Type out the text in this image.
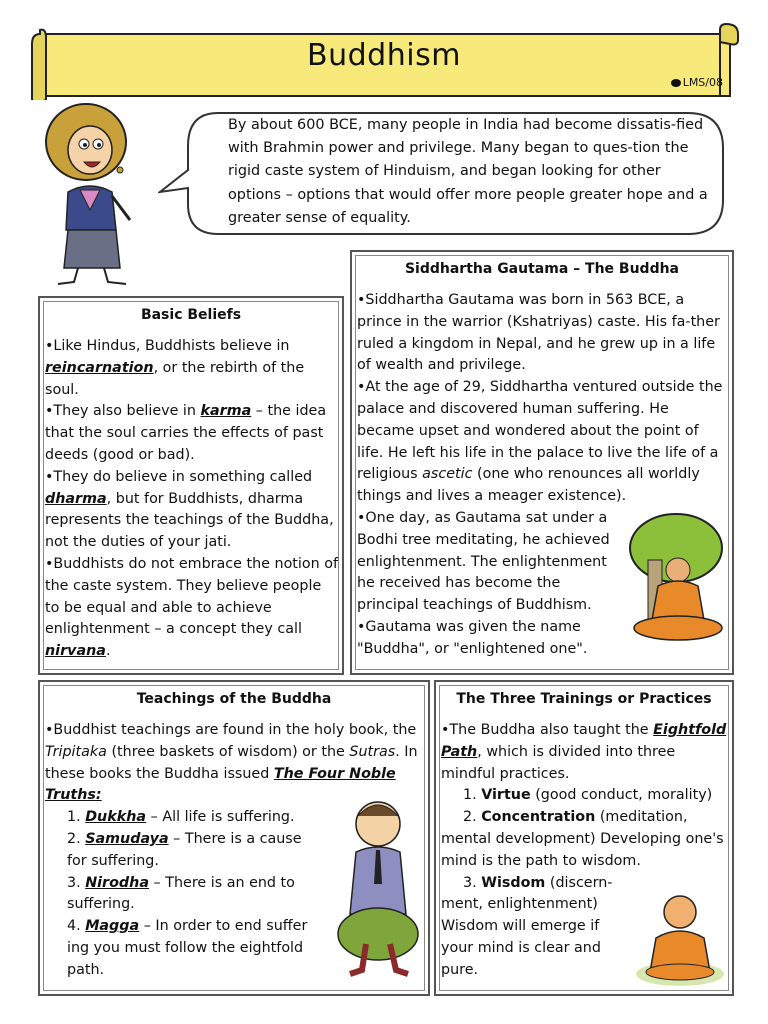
Buddhism
LMS/08
By about 600 BCE, many people in India had become dissatis-fied with Brahmin power and privilege. Many began to ques-tion the rigid caste system of Hinduism, and began looking for other options – options that would offer more people greater hope and a greater sense of equality.
Siddhartha Gautama – The Buddha

•Siddhartha Gautama was born in 563 BCE, a prince in the warrior (Kshatriyas) caste. His fa-ther ruled a kingdom in Nepal, and he grew up in a life of wealth and privilege.

•At the age of 29, Siddhartha ventured outside the palace and discovered human suffering. He became upset and wondered about the point of life. He left his life in the palace to live the life of a religious ascetic (one who renounces all worldly things and lives a meager existence).

•One day, as Gautama sat under a Bodhi tree meditating, he achieved enlightenment. The enlightenment he received has become the principal teachings of Buddhism.

•Gautama was given the name "Buddha", or "enlightened one".

Basic Beliefs

•Like Hindus, Buddhists believe in reincarnation, or the rebirth of the soul.

•They also believe in karma – the idea that the soul carries the effects of past deeds (good or bad).

•They do believe in something called dharma, but for Buddhists, dharma represents the teachings of the Buddha, not the duties of your jati.

•Buddhists do not embrace the notion of the caste system. They believe people to be equal and able to achieve enlightenment – a concept they call nirvana.

Teachings of the Buddha

•Buddhist teachings are found in the holy book, the Tripitaka (three baskets of wisdom) or the Sutras. In these books the Buddha issued The Four Noble Truths:

1. Dukkha – All life is suffering.

2. Samudaya – There is a cause for suffering.

3. Nirodha – There is an end to suffering.

4. Magga – In order to end suffer ing you must follow the eightfold path.

The Three Trainings or Practices

•The Buddha also taught the Eightfold Path, which is divided into three mindful practices.

1. Virtue (good conduct, morality)

2. Concentration (meditation, mental development) Developing one's mind is the path to wisdom.

3. Wisdom (discern-ment, enlightenment) Wisdom will emerge if your mind is clear and pure.
